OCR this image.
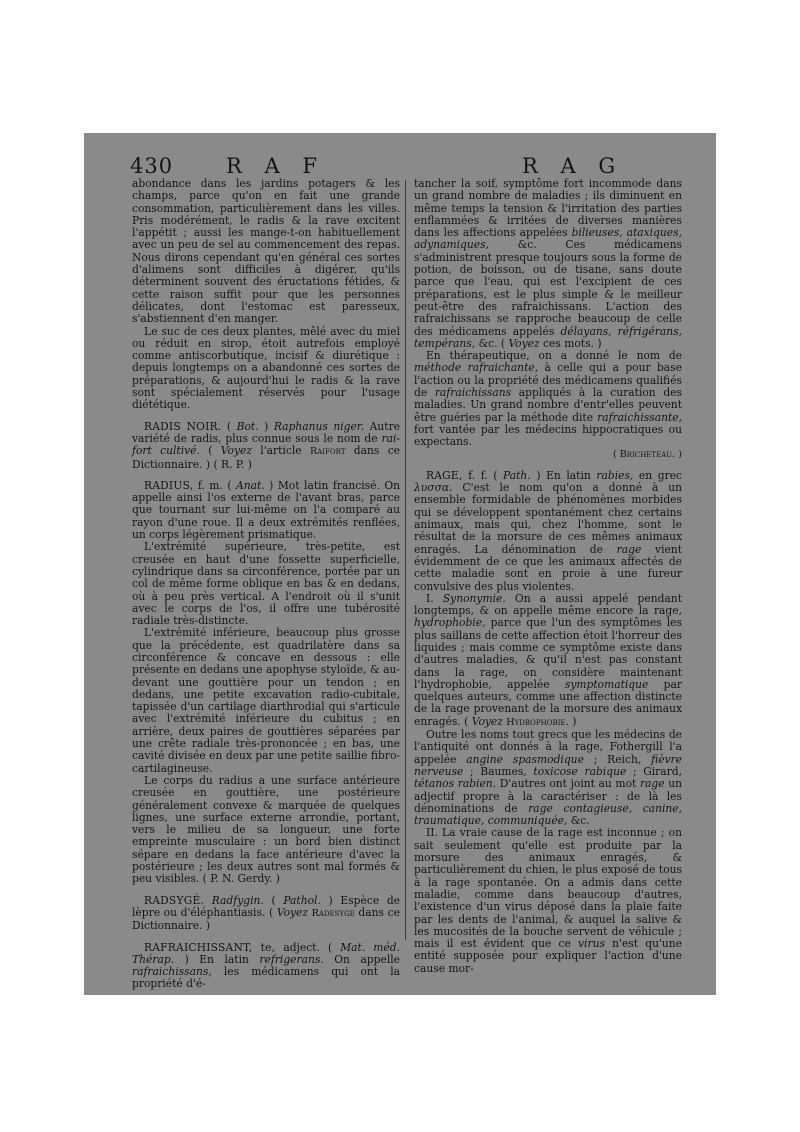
430	R A F	R A G

abondance dans les jardins potagers & les champs, parce qu'on en fait une grande consommation, particulièrement dans les villes. Pris modérément, le radis & la rave excitent l'appétit ; aussi les mange-t-on habituellement avec un peu de sel au commencement des repas. Nous dirons cependant qu'en général ces sortes d'alimens sont difficiles à digérer, qu'ils déterminent souvent des éructations fétides, & cette raison suffit pour que les personnes délicates, dont l'estomac est paresseux, s'abstiennent d'en manger.

Le suc de ces deux plantes, mêlé avec du miel ou réduit en sirop, étoit autrefois employé comme antiscorbutique, incisif & diurétique : depuis longtemps on a abandonné ces sortes de préparations, & aujourd'hui le radis & la rave sont spécialement réservés pour l'usage diététique.

RADIS NOIR. ( Bot. ) Raphanus niger. Autre variété de radis, plus connue sous le nom de rai-fort cultivé. ( Voyez l'article Raifort dans ce Dictionnaire. ) ( R. P. )

RADIUS, f. m. ( Anat. ) Mot latin francisé. On appelle ainsi l'os externe de l'avant bras, parce que tournant sur lui-même on l'a comparé au rayon d'une roue. Il a deux extrémités renflées, un corps légèrement prismatique.

L'extrémité supérieure, très-petite, est creusée en haut d'une fossette superficielle, cylindrique dans sa circonférence, portée par un col de même forme oblique en bas & en dedans, où à peu près vertical. A l'endroit où il s'unit avec le corps de l'os, il offre une tubérosité radiale très-distincte.

L'extrémité inférieure, beaucoup plus grosse que la précédente, est quadrilatère dans sa circonférence & concave en dessous : elle présente en dedans une apophyse styloïde, & au-devant une gouttière pour un tendon ; en dedans, une petite excavation radio-cubitale, tapissée d'un cartilage diarthrodial qui s'articule avec l'extrémité inférieure du cubitus ; en arrière, deux paires de gouttières séparées par une crête radiale très-prononcée ; en bas, une cavité divisée en deux par une petite saillie fibro-cartilagineuse.

Le corps du radius a une surface antérieure creusée en gouttière, une postérieure généralement convexe & marquée de quelques lignes, une surface externe arrondie, portant, vers le milieu de sa longueur, une forte empreinte musculaire : un bord bien distinct sépare en dedans la face antérieure d'avec la postérieure ; les deux autres sont mal formés & peu visibles. ( P. N. Gerdy. )

RADSYGÉ. Radfygin. ( Pathol. ) Espèce de lèpre ou d'éléphantiasis. ( Voyez Radesyge dans ce Dictionnaire. )

RAFRAICHISSANT, te, adject. ( Mat. méd. Thérap. ) En latin refrigerans. On appelle rafraichissans, les médicamens qui ont la propriété d'é-

tancher la soif, symptôme fort incommode dans un grand nombre de maladies ; ils diminuent en même temps la tension & l'irritation des parties enflammées & irritées de diverses manières dans les affections appelées bilieuses, ataxiques, adynamiques, &c. Ces médicamens s'administrent presque toujours sous la forme de potion, de boisson, ou de tisane, sans doute parce que l'eau, qui est l'excipient de ces préparations, est le plus simple & le meilleur peut-être des rafraichissans. L'action des rafraichissans se rapproche beaucoup de celle des médicamens appelés délayans, réfrigérans, tempérans, &c. ( Voyez ces mots. )

En thérapeutique, on a donné le nom de méthode rafraichante, à celle qui a pour base l'action ou la propriété des médicamens qualifiés de rafraichissans appliqués à la curation des maladies. Un grand nombre d'entr'elles peuvent être guéries par la méthode dite rafraichissante, fort vantée par les médecins hippocratiques ou expectans.

( Bricheteau. )

RAGE, f. f. ( Path. ) En latin rabies, en grec λυσσα. C'est le nom qu'on a donné à un ensemble formidable de phénomènes morbides qui se développent spontanément chez certains animaux, mais qui, chez l'homme, sont le résultat de la morsure de ces mêmes animaux enragés. La dénomination de rage vient évidemment de ce que les animaux affectés de cette maladie sont en proie à une fureur convulsive des plus violentes.

I. Synonymie. On a aussi appelé pendant longtemps, & on appelle même encore la rage, hydrophobie, parce que l'un des symptômes les plus saillans de cette affection étoit l'horreur des liquides ; mais comme ce symptôme existe dans d'autres maladies, & qu'il n'est pas constant dans la rage, on considère maintenant l'hydrophobie, appelée symptomatique par quelques auteurs, comme une affection distincte de la rage provenant de la morsure des animaux enragés. ( Voyez Hydrophobie. )

Outre les noms tout grecs que les médecins de l'antiquité ont donnés à la rage, Fothergill l'a appelée angine spasmodique ; Reich, fièvre nerveuse ; Baumes, toxicose rabique ; Girard, tétanos rabien. D'autres ont joint au mot rage un adjectif propre à la caractériser : de là les dénominations de rage contagieuse, canine, traumatique, communiquée, &c.

II. La vraie cause de la rage est inconnue ; on sait seulement qu'elle est produite par la morsure des animaux enragés, & particulièrement du chien, le plus exposé de tous à la rage spontanée. On a admis dans cette maladie, comme dans beaucoup d'autres, l'existence d'un virus déposé dans la plaie faite par les dents de l'animal, & auquel la salive & les mucosités de la bouche servent de véhicule ; mais il est évident que ce virus n'est qu'une entité supposée pour expliquer l'action d'une cause mor-
